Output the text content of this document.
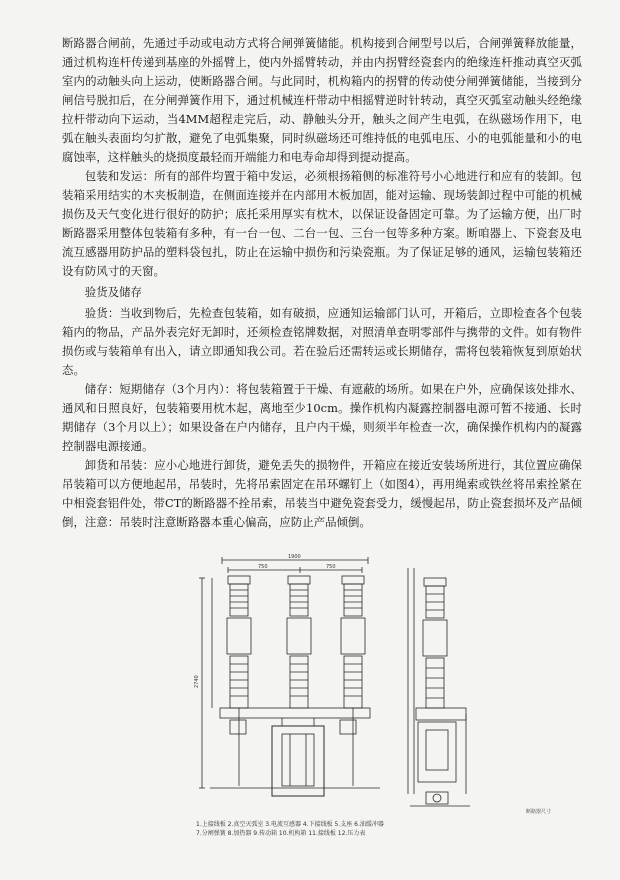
断路器合闸前，先通过手动或电动方式将合闸弹簧储能。机构接到合闸型号以后，合闸弹簧释放能量，通过机构连杆传递到基座的外摇臂上，使内外摇臂转动，并由内拐臂经瓷套内的绝缘连杆推动真空灭弧室内的动触头向上运动，使断路器合闸。与此同时，机构箱内的拐臂的传动使分闸弹簧储能，当接到分闸信号脱扣后，在分闸弹簧作用下，通过机械连杆带动中相摇臂逆时针转动，真空灭弧室动触头经绝缘拉杆带动向下运动，当4MM超程走完后，动、静触头分开，触头之间产生电弧，在纵磁场作用下，电弧在触头表面均匀扩散，避免了电弧集聚，同时纵磁场还可维持低的电弧电压、小的电弧能量和小的电腐蚀率，这样触头的烧损度最轻而开端能力和电寿命却得到提动提高。

包装和发运：所有的部件均置于箱中发运，必须根扬箱侧的标准符号小心地进行和应有的装卸。包装箱采用结实的木夹板制造，在侧面连接并在内部用木板加固，能对运输、现场装卸过程中可能的机械损伤及天气变化进行很好的防护；底托采用厚实有枕木，以保证设备固定可靠。为了运输方便，出厂时断路器采用整体包装箱有多种，有一台一包、二台一包、三台一包等多种方案。断咱器上、下瓷套及电流互感器用防护品的塑料袋包扎，防止在运输中损伤和污染瓷瓶。为了保证足够的通风，运输包装箱还设有防风寸的天窗。

验货及储存

验货：当收到物后，先检查包装箱，如有破损，应通知运输部门认可，开箱后，立即检查各个包装箱内的物品，产品外表完好无卸时，还须检查铭牌数据，对照清单查明零部件与携带的文件。如有物件损伤或与装箱单有出入，请立即通知我公司。若在验后还需转运或长期储存，需将包装箱恢复到原始状态。

储存：短期储存（3个月内）：将包装箱置于干燥、有遮蔽的场所。如果在户外，应确保该处排水、通风和日照良好，包装箱要用枕木起，离地至少10cm。操作机构内凝露控制器电源可暂不接通、长时期储存（3个月以上）；如果设备在户内储存，且户内干燥，则须半年检查一次，确保操作机构内的凝露控制器电源接通。

卸货和吊装：应小心地进行卸货，避免丢失的损物件，开箱应在接近安装场所进行，其位置应确保吊装箱可以方便地起吊，吊装时，先将吊索固定在吊环螺钉上（如图4），再用绳索或铁丝将吊索拴紧在中相瓷套铝件处，带CT的断路器不拴吊索，吊装当中避免瓷套受力，缓慢起吊，防止瓷套损坏及产品倾倒，注意：吊装时注意断路器本重心偏高，应防止产品倾倒。

1900
750	750
2740
1.上接线板 2.真空灭弧室 3.电流互感器 4.下接线板 5.支座 6.油缓冲器
7.分闸弹簧 8.加热器 9.传动箱 10.机构箱 11.接线板 12.压力表
断路器尺寸
